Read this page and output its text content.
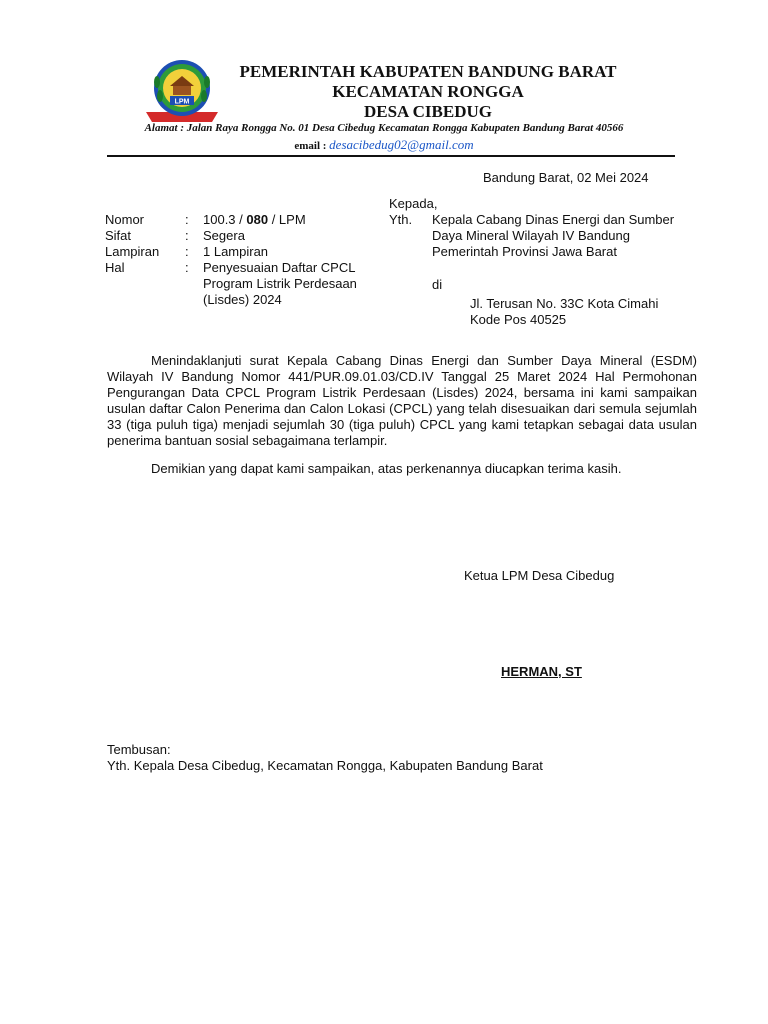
LPM
PEMERINTAH KABUPATEN BANDUNG BARAT
KECAMATAN RONGGA
DESA CIBEDUG
Alamat : Jalan Raya Rongga No. 01 Desa Cibedug Kecamatan Rongga Kabupaten Bandung Barat 40566
email : desacibedug02@gmail.com
Bandung Barat, 02 Mei 2024
Kepada,
Yth. Kepala Cabang Dinas Energi dan Sumber
Daya Mineral Wilayah IV Bandung
Pemerintah Provinsi Jawa Barat
di
Jl. Terusan No. 33C Kota Cimahi
Kode Pos 40525
Nomor	: 100.3 / 080 / LPM
Sifat	: Segera
Lampiran	: 1 Lampiran
Hal	: Penyesuaian Daftar CPCL
Program Listrik Perdesaan
(Lisdes) 2024
Menindaklanjuti surat Kepala Cabang Dinas Energi dan Sumber Daya Mineral (ESDM) Wilayah IV Bandung Nomor 441/PUR.09.01.03/CD.IV Tanggal 25 Maret 2024 Hal Permohonan Pengurangan Data CPCL Program Listrik Perdesaan (Lisdes) 2024, bersama ini kami sampaikan usulan daftar Calon Penerima dan Calon Lokasi (CPCL) yang telah disesuaikan dari semula sejumlah 33 (tiga puluh tiga) menjadi sejumlah 30 (tiga puluh) CPCL yang kami tetapkan sebagai data usulan penerima bantuan sosial sebagaimana terlampir.
Demikian yang dapat kami sampaikan, atas perkenannya diucapkan terima kasih.
Ketua LPM Desa Cibedug
HERMAN, ST
Tembusan:
Yth. Kepala Desa Cibedug, Kecamatan Rongga, Kabupaten Bandung Barat
